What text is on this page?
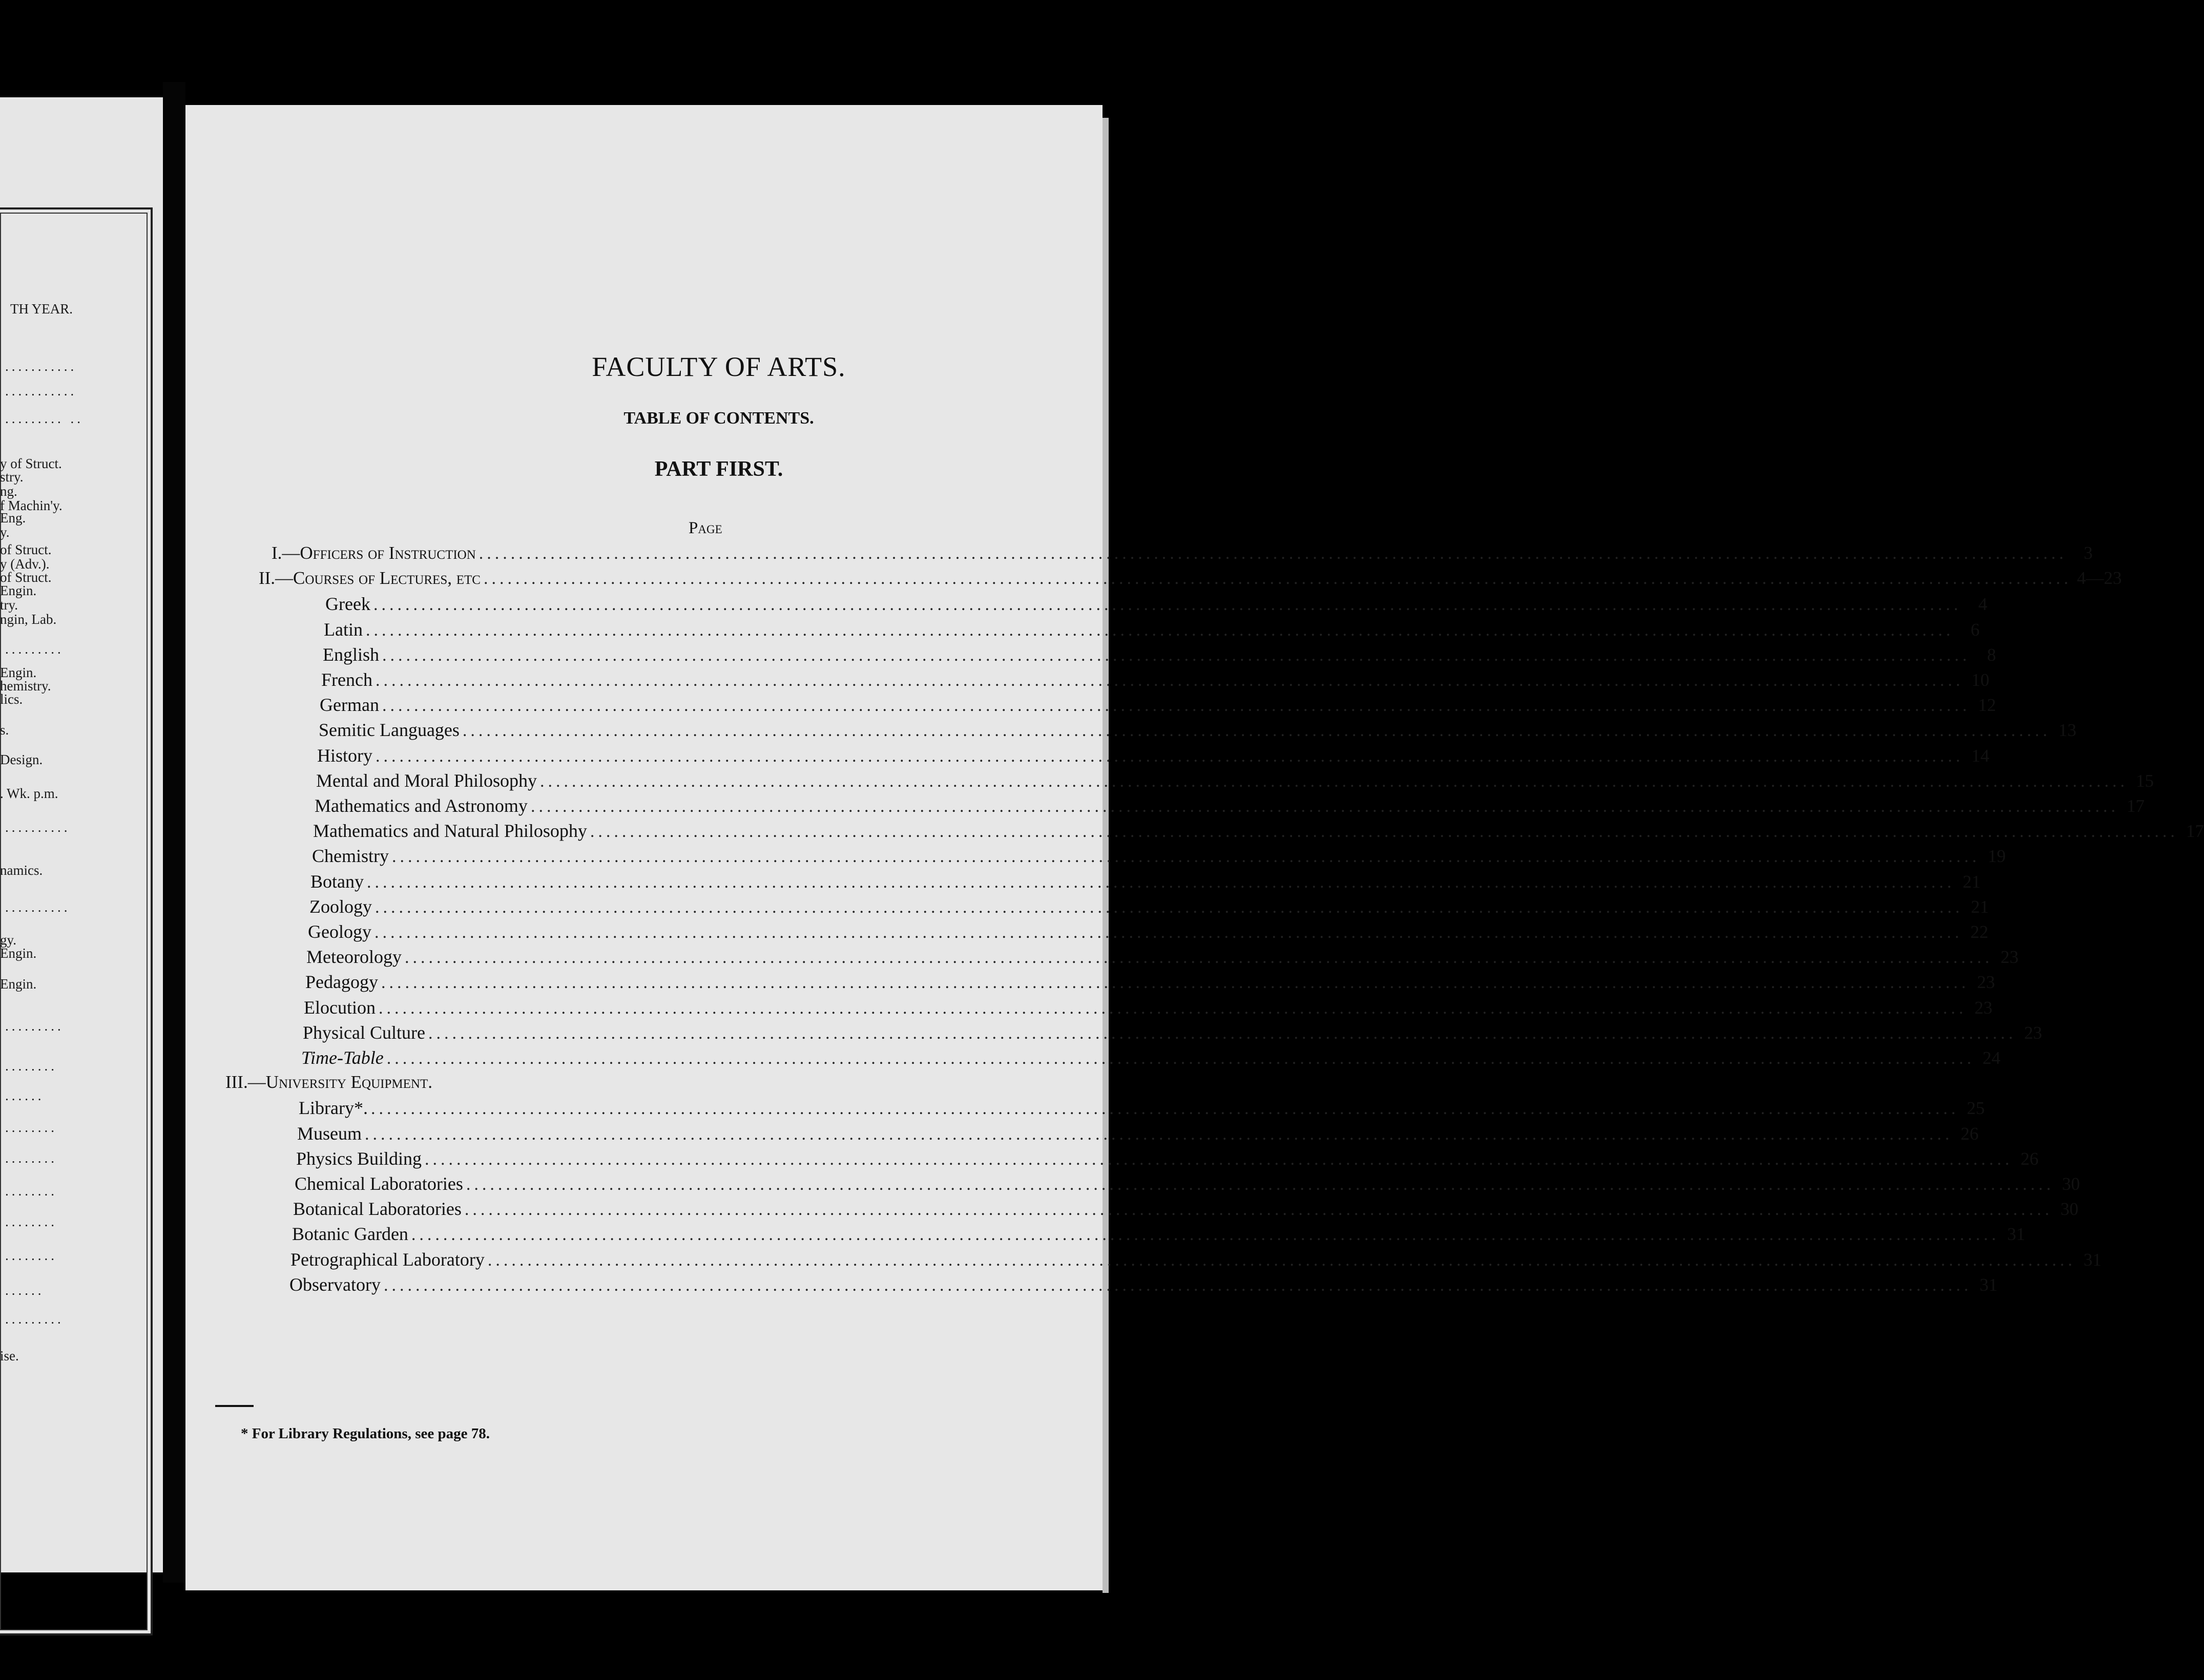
TH YEAR.
...........
...........
......... ..
y of Struct.
stry.
ng.
f Machin'y.
Eng.
y.
of Struct.
y (Adv.).
of Struct.
Engin.
try.
ngin, Lab.
.........
Engin.
hemistry.
lics.
s.
Design.
. Wk. p.m.
..........
namics.
..........
gy.
Engin.
Engin.
.........
........
......
........
........
........
........
........
......
.........
ise.
FACULTY OF ARTS.
TABLE OF CONTENTS.
PART FIRST.
Page
I.—Officers of Instruction ........................................................................................................................................................................................................ 3
II.—Courses of Lectures, etc ........................................................................................................................................................................................................ 4—23
Greek ........................................................................................................................................................................................................ 4
Latin ........................................................................................................................................................................................................ 6
English ........................................................................................................................................................................................................ 8
French ........................................................................................................................................................................................................ 10
German ........................................................................................................................................................................................................ 12
Semitic Languages ........................................................................................................................................................................................................ 13
History ........................................................................................................................................................................................................ 14
Mental and Moral Philosophy ........................................................................................................................................................................................................ 15
Mathematics and Astronomy ........................................................................................................................................................................................................ 17
Mathematics and Natural Philosophy ........................................................................................................................................................................................................ 17
Chemistry ........................................................................................................................................................................................................ 19
Botany ........................................................................................................................................................................................................ 21
Zoology ........................................................................................................................................................................................................ 21
Geology ........................................................................................................................................................................................................ 22
Meteorology ........................................................................................................................................................................................................ 23
Pedagogy ........................................................................................................................................................................................................ 23
Elocution ........................................................................................................................................................................................................ 23
Physical Culture ........................................................................................................................................................................................................ 23
Time-Table ........................................................................................................................................................................................................ 24
III.—University Equipment.
Library*. ........................................................................................................................................................................................................ 25
Museum ........................................................................................................................................................................................................ 26
Physics Building ........................................................................................................................................................................................................ 26
Chemical Laboratories ........................................................................................................................................................................................................ 30
Botanical Laboratories ........................................................................................................................................................................................................ 30
Botanic Garden ........................................................................................................................................................................................................ 31
Petrographical Laboratory ........................................................................................................................................................................................................ 31
Observatory ........................................................................................................................................................................................................ 31
* For Library Regulations, see page 78.
